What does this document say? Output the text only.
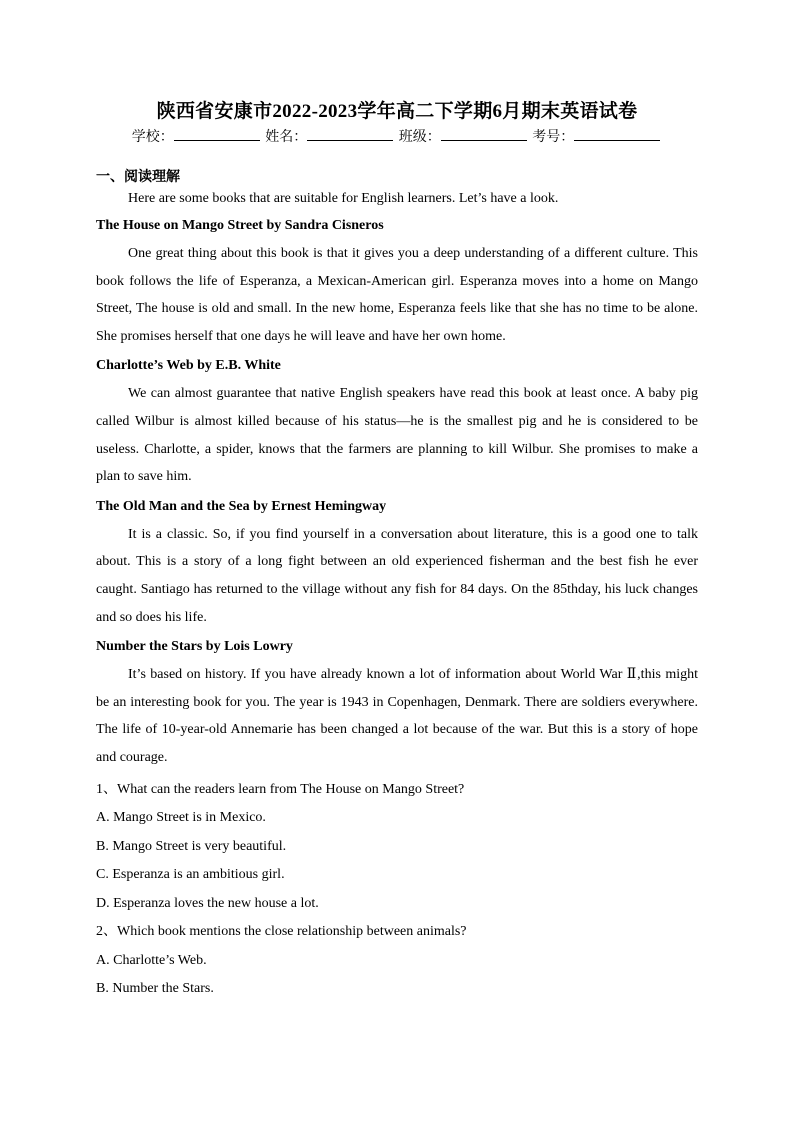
陕西省安康市2022-2023学年高二下学期6月期末英语试卷
学校：	姓名：	班级：	考号：
一、阅读理解

Here are some books that are suitable for English learners. Let’s have a look.

The House on Mango Street by Sandra Cisneros

One great thing about this book is that it gives you a deep understanding of a different culture. This book follows the life of Esperanza, a Mexican-American girl. Esperanza moves into a home on Mango Street, The house is old and small. In the new home, Esperanza feels like that she has no time to be alone. She promises herself that one days he will leave and have her own home.

Charlotte’s Web by E.B. White

We can almost guarantee that native English speakers have read this book at least once. A baby pig called Wilbur is almost killed because of his status—he is the smallest pig and he is considered to be useless. Charlotte, a spider, knows that the farmers are planning to kill Wilbur. She promises to make a plan to save him.

The Old Man and the Sea by Ernest Hemingway

It is a classic. So, if you find yourself in a conversation about literature, this is a good one to talk about. This is a story of a long fight between an old experienced fisherman and the best fish he ever caught. Santiago has returned to the village without any fish for 84 days. On the 85thday, his luck changes and so does his life.

Number the Stars by Lois Lowry

It’s based on history. If you have already known a lot of information about World War Ⅱ,this might be an interesting book for you. The year is 1943 in Copenhagen, Denmark. There are soldiers everywhere. The life of 10-year-old Annemarie has been changed a lot because of the war. But this is a story of hope and courage.

1、What can the readers learn from The House on Mango Street?

A. Mango Street is in Mexico.

B. Mango Street is very beautiful.

C. Esperanza is an ambitious girl.

D. Esperanza loves the new house a lot.

2、Which book mentions the close relationship between animals?

A. Charlotte’s Web.

B. Number the Stars.
